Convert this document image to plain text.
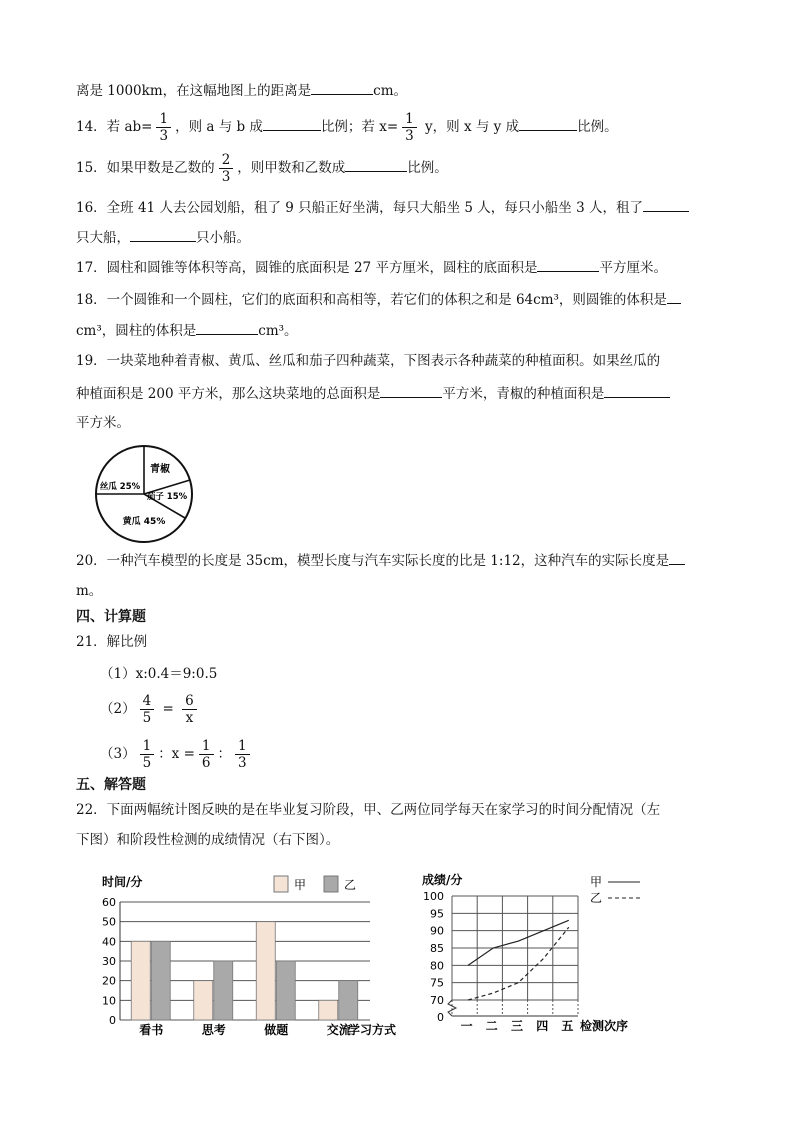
离是 1000km，在这幅地图上的距离是	cm。
14．若 $ab= \frac{1}{3}$ ，则 a 与 b 成	比例；若 $x= \frac{1}{3}$ y，则 x 与 y 成	比例。
15．如果甲数是乙数的 $\frac{2}{3}$ ，则甲数和乙数成	比例。
16．全班 41 人去公园划船，租了 9 只船正好坐满，每只大船坐 5 人，每只小船坐 3 人，租了
只大船，	只小船。
17．圆柱和圆锥等体积等高，圆锥的底面积是 27 平方厘米，圆柱的底面积是	平方厘米。
18．一个圆锥和一个圆柱，它们的底面积和高相等，若它们的体积之和是 64cm³，则圆锥的体积是
cm³，圆柱的体积是	cm³。
19．一块菜地种着青椒、黄瓜、丝瓜和茄子四种蔬菜，下图表示各种蔬菜的种植面积。如果丝瓜的
种植面积是 200 平方米，那么这块菜地的总面积是	平方米，青椒的种植面积是
平方米。
青椒
丝瓜 25%
茄子 15%
黄瓜 45%
20．一种汽车模型的长度是 35cm，模型长度与汽车实际长度的比是 1:12，这种汽车的实际长度是
m。
四、计算题
21．解比例
（1）x:0.4＝9:0.5
$(2) \frac{4}{5} = \frac{6}{x}$
$(3) \frac{1}{5}$ ：$x = \frac{1}{6}$ ： $\frac{1}{3}$
五、解答题
22．下面两幅统计图反映的是在毕业复习阶段，甲、乙两位同学每天在家学习的时间分配情况（左
下图）和阶段性检测的成绩情况（右下图）。
时间/分
0
10
20
30
40
50
60
看书	思考	做题	交流
学习方式
甲	乙	成绩/分
0
70
75
80
85
90
95
100
一 二 三 四 五 检测次序
甲
乙
